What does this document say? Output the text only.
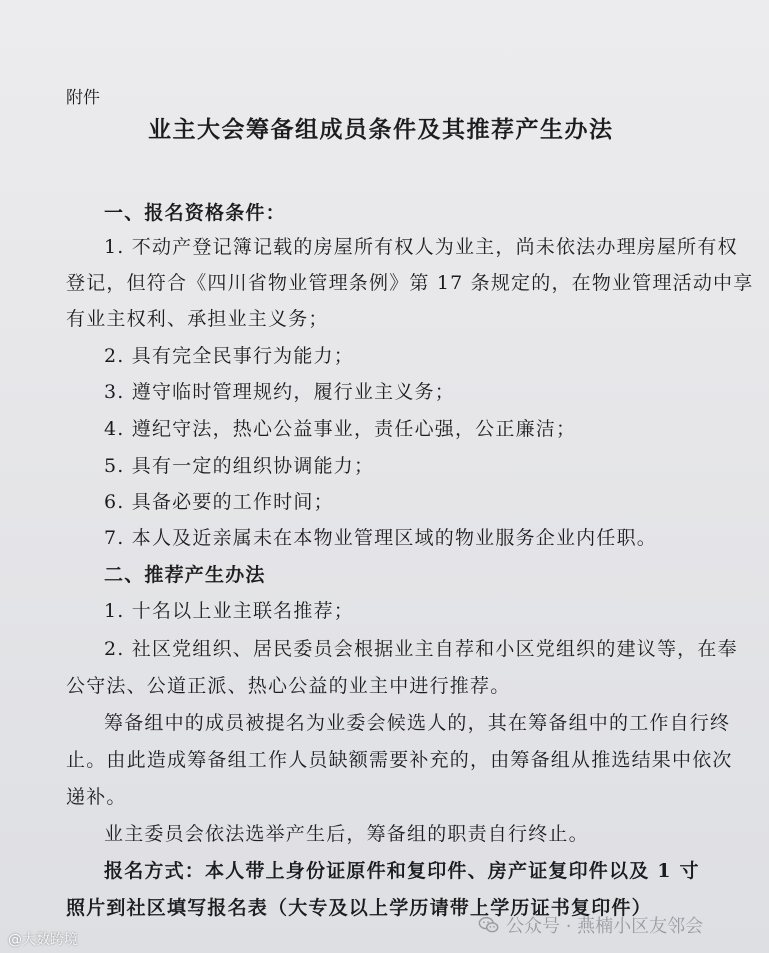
附件
业主大会筹备组成员条件及其推荐产生办法
一、报名资格条件：
1. 不动产登记簿记载的房屋所有权人为业主，尚未依法办理房屋所有权
登记，但符合《四川省物业管理条例》第 17 条规定的，在物业管理活动中享
有业主权利、承担业主义务；
2. 具有完全民事行为能力；
3. 遵守临时管理规约，履行业主义务；
4. 遵纪守法，热心公益事业，责任心强，公正廉洁；
5. 具有一定的组织协调能力；
6. 具备必要的工作时间；
7. 本人及近亲属未在本物业管理区域的物业服务企业内任职。
二、推荐产生办法
1. 十名以上业主联名推荐；
2. 社区党组织、居民委员会根据业主自荐和小区党组织的建议等，在奉
公守法、公道正派、热心公益的业主中进行推荐。
筹备组中的成员被提名为业委会候选人的，其在筹备组中的工作自行终
止。由此造成筹备组工作人员缺额需要补充的，由筹备组从推选结果中依次
递补。
业主委员会依法选举产生后，筹备组的职责自行终止。
报名方式：本人带上身份证原件和复印件、房产证复印件以及 1 寸
照片到社区填写报名表（大专及以上学历请带上学历证书复印件）
@大数跨境
公众号 · 燕楠小区友邻会
